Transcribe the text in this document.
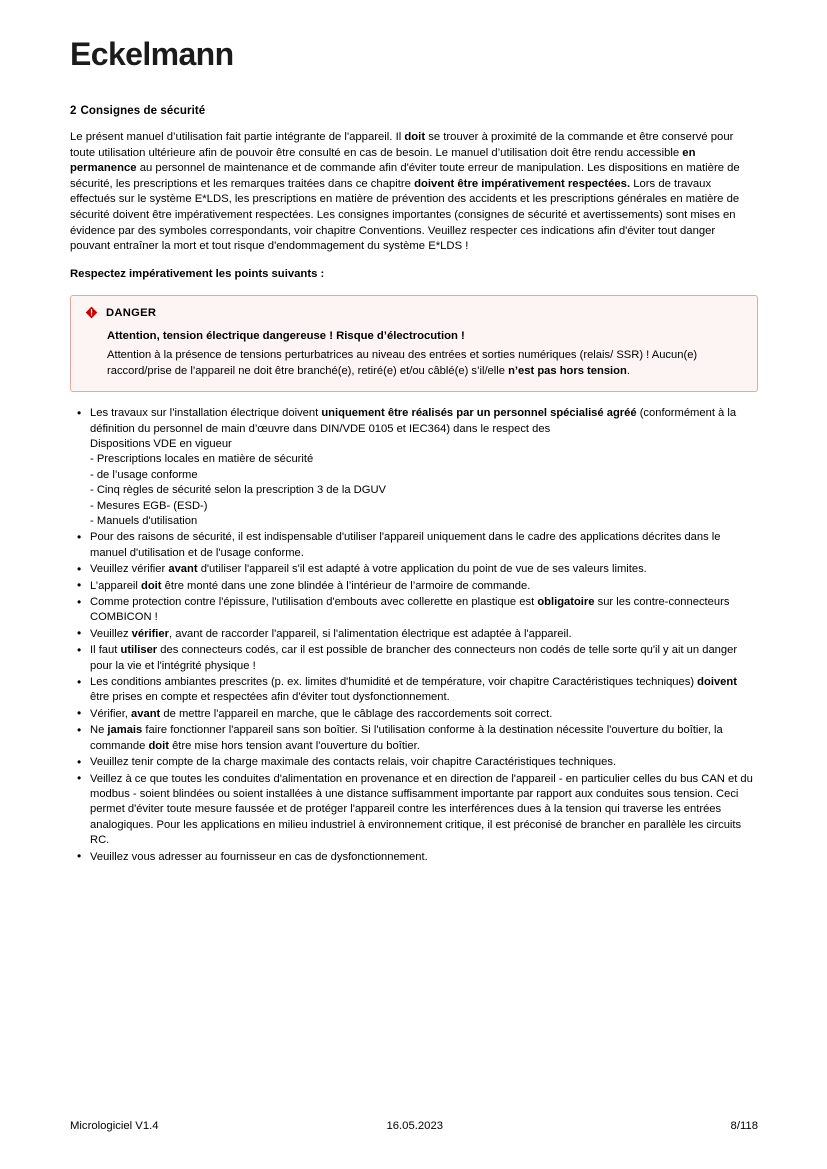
Eckelmann
2 Consignes de sécurité

Le présent manuel d’utilisation fait partie intégrante de l'appareil. Il doit se trouver à proximité de la commande et être conservé pour toute utilisation ultérieure afin de pouvoir être consulté en cas de besoin. Le manuel d’utilisation doit être rendu accessible en permanence au personnel de maintenance et de commande afin d'éviter toute erreur de manipulation. Les dispositions en matière de sécurité, les prescriptions et les remarques traitées dans ce chapitre doivent être impérativement respectées. Lors de travaux effectués sur le système E*LDS, les prescriptions en matière de prévention des accidents et les prescriptions générales en matière de sécurité doivent être impérativement respectées. Les consignes importantes (consignes de sécurité et avertissements) sont mises en évidence par des symboles correspondants, voir chapitre Conventions. Veuillez respecter ces indications afin d'éviter tout danger pouvant entraîner la mort et tout risque d'endommagement du système E*LDS !

Respectez impérativement les points suivants :

DANGER
Attention, tension électrique dangereuse ! Risque d’électrocution !
Attention à la présence de tensions perturbatrices au niveau des entrées et sorties numériques (relais/ SSR) ! Aucun(e) raccord/prise de l’appareil ne doit être branché(e), retiré(e) et/ou câblé(e) s’il/elle n’est pas hors tension.
• Les travaux sur l’installation électrique doivent uniquement être réalisés par un personnel spécialisé agréé (conformément à la définition du personnel de main d’œuvre dans DIN/VDE 0105 et IEC364) dans le respect des
Dispositions VDE en vigueur
- Prescriptions locales en matière de sécurité
- de l’usage conforme
- Cinq règles de sécurité selon la prescription 3 de la DGUV
- Mesures EGB- (ESD-)
- Manuels d'utilisation
• Pour des raisons de sécurité, il est indispensable d'utiliser l'appareil uniquement dans le cadre des applications décrites dans le manuel d'utilisation et de l'usage conforme.
• Veuillez vérifier avant d'utiliser l'appareil s'il est adapté à votre application du point de vue de ses valeurs limites.
• L’appareil doit être monté dans une zone blindée à l’intérieur de l’armoire de commande.
• Comme protection contre l'épissure, l'utilisation d'embouts avec collerette en plastique est obligatoire sur les contre-connecteurs COMBICON !
• Veuillez vérifier, avant de raccorder l'appareil, si l'alimentation électrique est adaptée à l'appareil.
• Il faut utiliser des connecteurs codés, car il est possible de brancher des connecteurs non codés de telle sorte qu'il y ait un danger pour la vie et l'intégrité physique !
• Les conditions ambiantes prescrites (p. ex. limites d'humidité et de température, voir chapitre Caractéristiques techniques) doivent être prises en compte et respectées afin d'éviter tout dysfonctionnement.
• Vérifier, avant de mettre l'appareil en marche, que le câblage des raccordements soit correct.
• Ne jamais faire fonctionner l'appareil sans son boîtier. Si l'utilisation conforme à la destination nécessite l'ouverture du boîtier, la commande doit être mise hors tension avant l'ouverture du boîtier.
• Veuillez tenir compte de la charge maximale des contacts relais, voir chapitre Caractéristiques techniques.
• Veillez à ce que toutes les conduites d'alimentation en provenance et en direction de l'appareil - en particulier celles du bus CAN et du modbus - soient blindées ou soient installées à une distance suffisamment importante par rapport aux conduites sous tension. Ceci permet d'éviter toute mesure faussée et de protéger l'appareil contre les interférences dues à la tension qui traverse les entrées analogiques. Pour les applications en milieu industriel à environnement critique, il est préconisé de brancher en parallèle les circuits RC.
• Veuillez vous adresser au fournisseur en cas de dysfonctionnement.
Micrologiciel V1.4	16.05.2023	8/118
